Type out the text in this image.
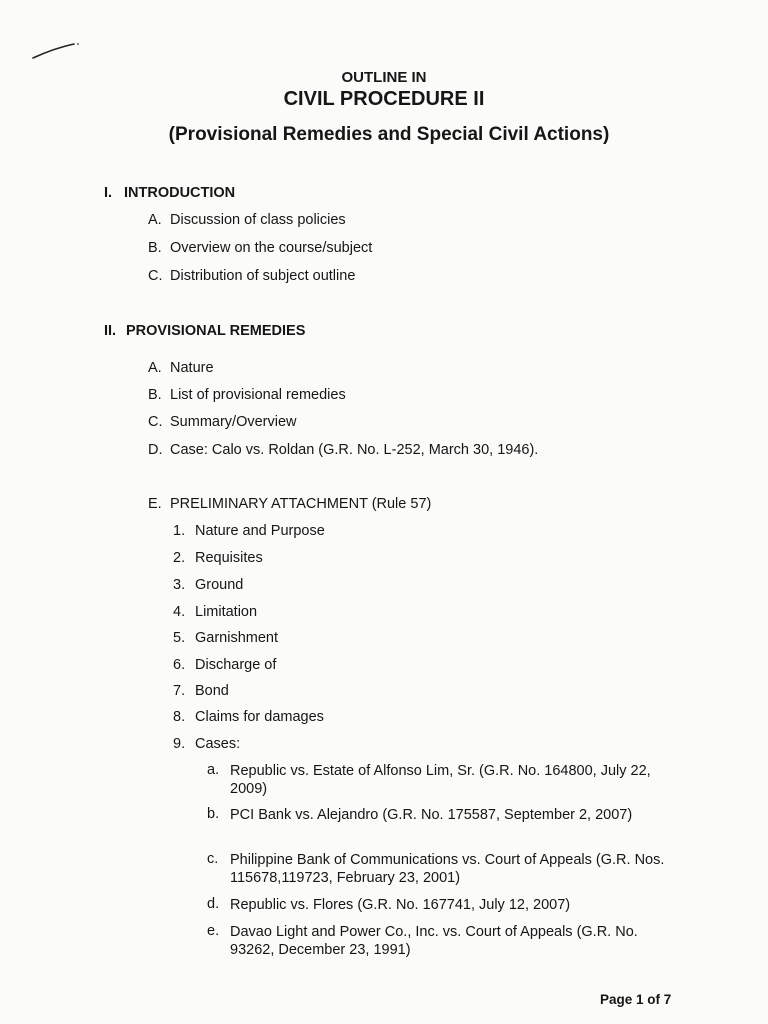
OUTLINE IN
CIVIL PROCEDURE II
(Provisional Remedies and Special Civil Actions)
I. INTRODUCTION
A. Discussion of class policies
B. Overview on the course/subject
C. Distribution of subject outline
II. PROVISIONAL REMEDIES
A. Nature
B. List of provisional remedies
C. Summary/Overview
D. Case: Calo vs. Roldan (G.R. No. L-252, March 30, 1946).
E. PRELIMINARY ATTACHMENT (Rule 57)
1. Nature and Purpose
2. Requisites
3. Ground
4. Limitation
5. Garnishment
6. Discharge of
7. Bond
8. Claims for damages
9. Cases:
a. Republic vs. Estate of Alfonso Lim, Sr. (G.R. No. 164800, July 22, 2009)
b. PCI Bank vs. Alejandro (G.R. No. 175587, September 2, 2007)
c. Philippine Bank of Communications vs. Court of Appeals (G.R. Nos. 115678,119723, February 23, 2001)
d. Republic vs. Flores (G.R. No. 167741, July 12, 2007)
e. Davao Light and Power Co., Inc. vs. Court of Appeals (G.R. No. 93262, December 23, 1991)
Page 1 of 7
